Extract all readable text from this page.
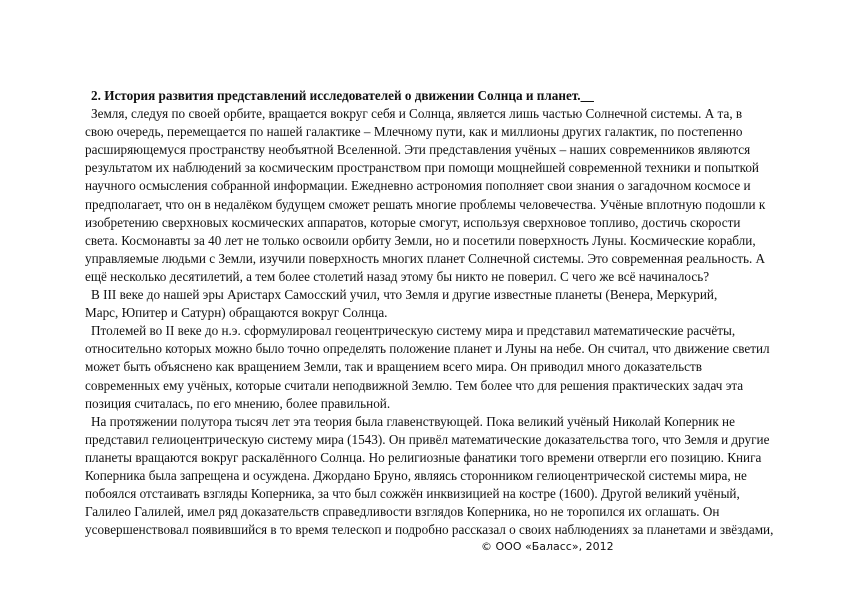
2. История развития представлений исследователей о движении Солнца и планет.__

Земля, следуя по своей орбите, вращается вокруг себя и Солнца, является лишь частью Солнечной системы. А та, в
свою очередь, перемещается по нашей галактике – Млечному пути, как и миллионы других галактик, по постепенно
расширяющемуся пространству необъятной Вселенной. Эти представления учёных – наших современников являются
результатом их наблюдений за космическим пространством при помощи мощнейшей современной техники и попыткой
научного осмысления собранной информации. Ежедневно астрономия пополняет свои знания о загадочном космосе и
предполагает, что он в недалёком будущем сможет решать многие проблемы человечества. Учёные вплотную подошли к
изобретению сверхновых космических аппаратов, которые смогут, используя сверхновое топливо, достичь скорости
света. Космонавты за 40 лет не только освоили орбиту Земли, но и посетили поверхность Луны. Космические корабли,
управляемые людьми с Земли, изучили поверхность многих планет Солнечной системы. Это современная реальность. А
ещё несколько десятилетий, а тем более столетий назад этому бы никто не поверил. С чего же всё начиналось?
В III веке до нашей эры Аристарх Самосский учил, что Земля и другие известные планеты (Венера, Меркурий,
Марс, Юпитер и Сатурн) обращаются вокруг Солнца.
Птолемей во II веке до н.э. сформулировал геоцентрическую систему мира и представил математические расчёты,
относительно которых можно было точно определять положение планет и Луны на небе. Он считал, что движение светил
может быть объяснено как вращением Земли, так и вращением всего мира. Он приводил много доказательств
современных ему учёных, которые считали неподвижной Землю. Тем более что для решения практических задач эта
позиция считалась, по его мнению, более правильной.
На протяжении полутора тысяч лет эта теория была главенствующей. Пока великий учёный Николай Коперник не
представил гелиоцентрическую систему мира (1543). Он привёл математические доказательства того, что Земля и другие
планеты вращаются вокруг раскалённого Солнца. Но религиозные фанатики того времени отвергли его позицию. Книга
Коперника была запрещена и осуждена. Джордано Бруно, являясь сторонником гелиоцентрической системы мира, не
побоялся отстаивать взгляды Коперника, за что был сожжён инквизицией на костре (1600). Другой великий учёный,
Галилео Галилей, имел ряд доказательств справедливости взглядов Коперника, но не торопился их оглашать. Он
усовершенствовал появившийся в то время телескоп и подробно рассказал о своих наблюдениях за планетами и звёздами,
© ООО «Баласс», 2012
